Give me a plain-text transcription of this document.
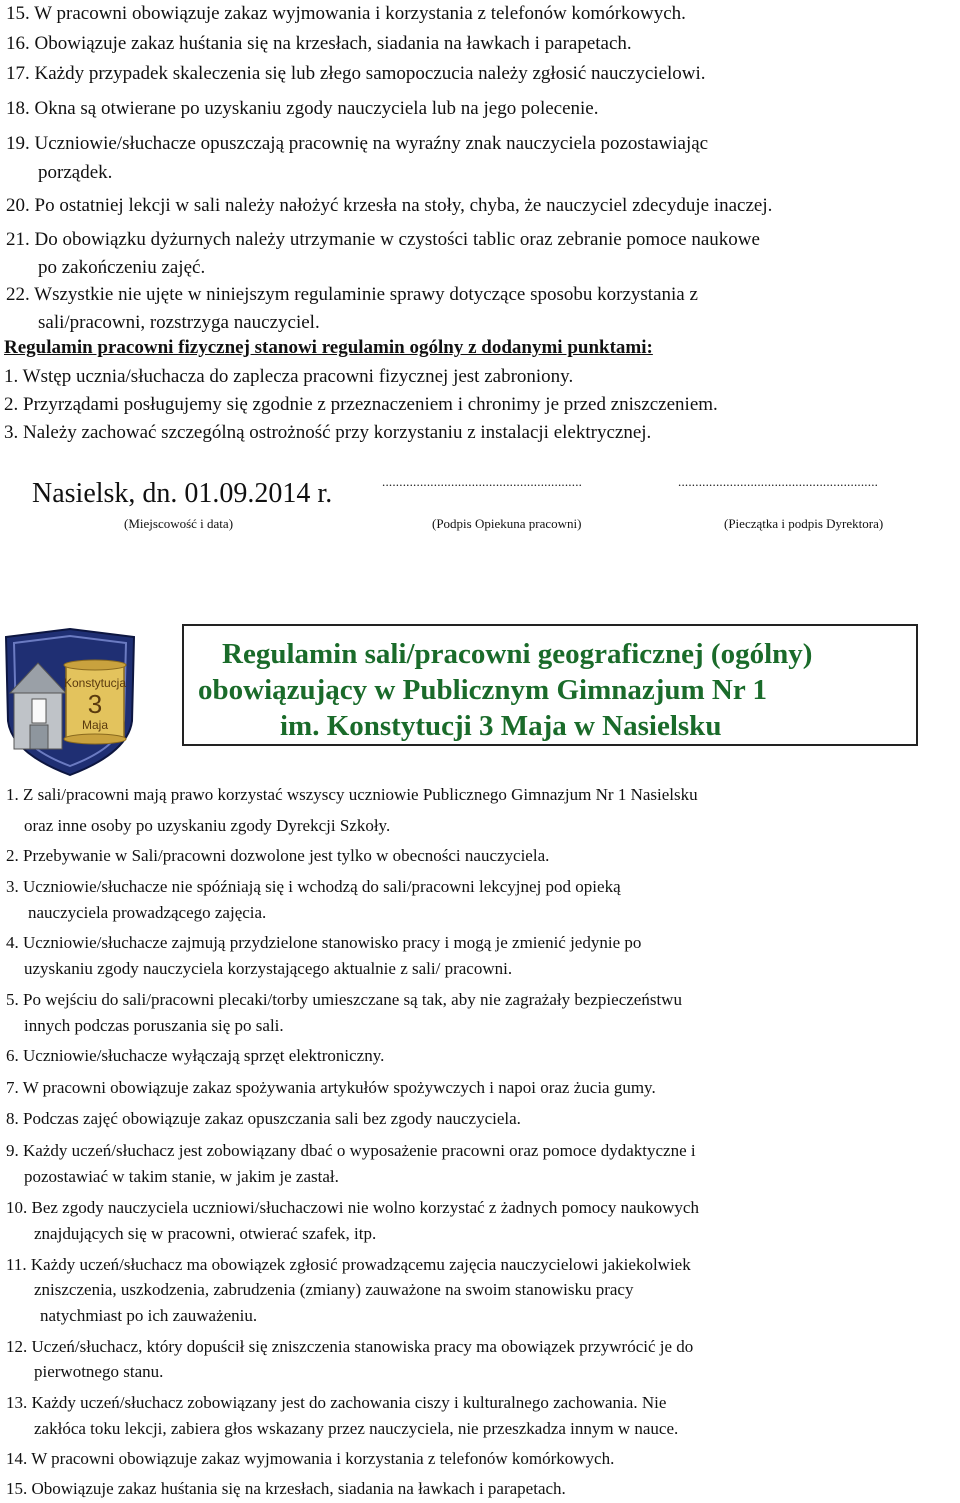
15. W pracowni obowiązuje zakaz wyjmowania i korzystania z telefonów komórkowych.
16. Obowiązuje zakaz huśtania się na krzesłach, siadania na ławkach i parapetach.
17. Każdy przypadek skaleczenia się lub złego samopoczucia należy zgłosić nauczycielowi.
18. Okna są otwierane po uzyskaniu zgody nauczyciela lub na jego polecenie.
19. Uczniowie/słuchacze opuszczają pracownię na wyraźny znak nauczyciela pozostawiając
porządek.
20. Po ostatniej lekcji w sali należy nałożyć krzesła na stoły, chyba, że nauczyciel zdecyduje inaczej.
21. Do obowiązku dyżurnych należy utrzymanie w czystości tablic oraz zebranie pomoce naukowe
po zakończeniu zajęć.
22. Wszystkie nie ujęte w niniejszym regulaminie sprawy dotyczące sposobu korzystania z
sali/pracowni, rozstrzyga nauczyciel.
Regulamin pracowni fizycznej stanowi regulamin ogólny z dodanymi punktami:
1. Wstęp ucznia/słuchacza do zaplecza pracowni fizycznej jest zabroniony.
2. Przyrządami posługujemy się zgodnie z przeznaczeniem i chronimy je przed zniszczeniem.
3. Należy zachować szczególną ostrożność przy korzystaniu z instalacji elektrycznej.
Nasielsk, dn. 01.09.2014 r.	..........................................................	..........................................................
(Miejscowość i data)	(Podpis Opiekuna pracowni)	(Pieczątka i podpis Dyrektora)
Konstytucja
3
Maja
Regulamin sali/pracowni geograficznej (ogólny)
obowiązujący w Publicznym Gimnazjum Nr 1
im. Konstytucji 3 Maja w Nasielsku
1. Z sali/pracowni mają prawo korzystać wszyscy uczniowie Publicznego Gimnazjum Nr 1 Nasielsku
oraz inne osoby po uzyskaniu zgody Dyrekcji Szkoły.
2. Przebywanie w Sali/pracowni dozwolone jest tylko w obecności nauczyciela.
3. Uczniowie/słuchacze nie spóźniają się i wchodzą do sali/pracowni lekcyjnej pod opieką
nauczyciela prowadzącego zajęcia.
4. Uczniowie/słuchacze zajmują przydzielone stanowisko pracy i mogą je zmienić jedynie po
uzyskaniu zgody nauczyciela korzystającego aktualnie z sali/ pracowni.
5. Po wejściu do sali/pracowni plecaki/torby umieszczane są tak, aby nie zagrażały bezpieczeństwu
innych podczas poruszania się po sali.
6. Uczniowie/słuchacze wyłączają sprzęt elektroniczny.
7. W pracowni obowiązuje zakaz spożywania artykułów spożywczych i napoi oraz żucia gumy.
8. Podczas zajęć obowiązuje zakaz opuszczania sali bez zgody nauczyciela.
9. Każdy uczeń/słuchacz jest zobowiązany dbać o wyposażenie pracowni oraz pomoce dydaktyczne i
pozostawiać w takim stanie, w jakim je zastał.
10. Bez zgody nauczyciela uczniowi/słuchaczowi nie wolno korzystać z żadnych pomocy naukowych
znajdujących się w pracowni, otwierać szafek, itp.
11. Każdy uczeń/słuchacz ma obowiązek zgłosić prowadzącemu zajęcia nauczycielowi jakiekolwiek
zniszczenia, uszkodzenia, zabrudzenia (zmiany) zauważone na swoim stanowisku pracy
natychmiast po ich zauważeniu.
12. Uczeń/słuchacz, który dopuścił się zniszczenia stanowiska pracy ma obowiązek przywrócić je do
pierwotnego stanu.
13. Każdy uczeń/słuchacz zobowiązany jest do zachowania ciszy i kulturalnego zachowania. Nie
zakłóca toku lekcji, zabiera głos wskazany przez nauczyciela, nie przeszkadza innym w nauce.
14. W pracowni obowiązuje zakaz wyjmowania i korzystania z telefonów komórkowych.
15. Obowiązuje zakaz huśtania się na krzesłach, siadania na ławkach i parapetach.
